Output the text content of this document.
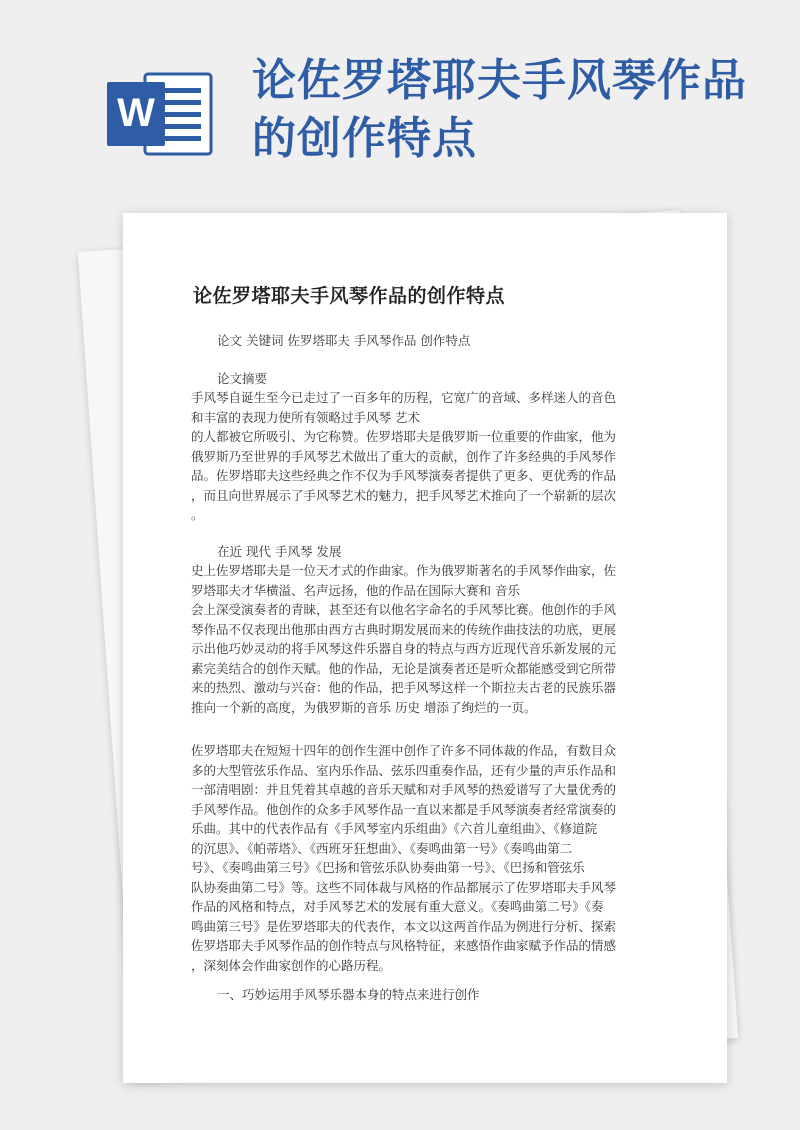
W
论佐罗塔耶夫手风琴作品的创作特点
论佐罗塔耶夫手风琴作品的创作特点

论文 关键词 佐罗塔耶夫 手风琴作品 创作特点

论文摘要

手风琴自诞生至今已走过了一百多年的历程，它宽广的音域、多样迷人的音色

和丰富的表现力使所有领略过手风琴 艺术

的人都被它所吸引、为它称赞。佐罗塔耶夫是俄罗斯一位重要的作曲家，他为

俄罗斯乃至世界的手风琴艺术做出了重大的贡献，创作了许多经典的手风琴作

品。佐罗塔耶夫这些经典之作不仅为手风琴演奏者提供了更多、更优秀的作品

，而且向世界展示了手风琴艺术的魅力，把手风琴艺术推向了一个崭新的层次

。

在近 现代 手风琴 发展

史上佐罗塔耶夫是一位天才式的作曲家。作为俄罗斯著名的手风琴作曲家，佐

罗塔耶夫才华横溢、名声远扬，他的作品在国际大赛和 音乐

会上深受演奏者的青睐，甚至还有以他名字命名的手风琴比赛。他创作的手风

琴作品不仅表现出他那由西方古典时期发展而来的传统作曲技法的功底，更展

示出他巧妙灵动的将手风琴这件乐器自身的特点与西方近现代音乐新发展的元

素完美结合的创作天赋。他的作品，无论是演奏者还是听众都能感受到它所带

来的热烈、激动与兴奋：他的作品，把手风琴这样一个斯拉夫古老的民族乐器

推向一个新的高度，为俄罗斯的音乐 历史 增添了绚烂的一页。

佐罗塔耶夫在短短十四年的创作生涯中创作了许多不同体裁的作品，有数目众

多的大型管弦乐作品、室内乐作品、弦乐四重奏作品，还有少量的声乐作品和

一部清唱剧：并且凭着其卓越的音乐天赋和对手风琴的热爱谱写了大量优秀的

手风琴作品。他创作的众多手风琴作品一直以来都是手风琴演奏者经常演奏的

乐曲。其中的代表作品有《手风琴室内乐组曲》《六首儿童组曲》、《修道院

的沉思》、《帕蒂塔》、《西班牙狂想曲》、《奏鸣曲第一号》《奏鸣曲第二

号》、《奏鸣曲第三号》《巴扬和管弦乐队协奏曲第一号》、《巴扬和管弦乐

队协奏曲第二号》等。这些不同体裁与风格的作品都展示了佐罗塔耶夫手风琴

作品的风格和特点，对手风琴艺术的发展有重大意义。《奏鸣曲第二号》《奏

鸣曲第三号》是佐罗塔耶夫的代表作，本文以这两首作品为例进行分析、探索

佐罗塔耶夫手风琴作品的创作特点与风格特征，来感悟作曲家赋予作品的情感

，深刻体会作曲家创作的心路历程。

一、巧妙运用手风琴乐器本身的特点来进行创作
